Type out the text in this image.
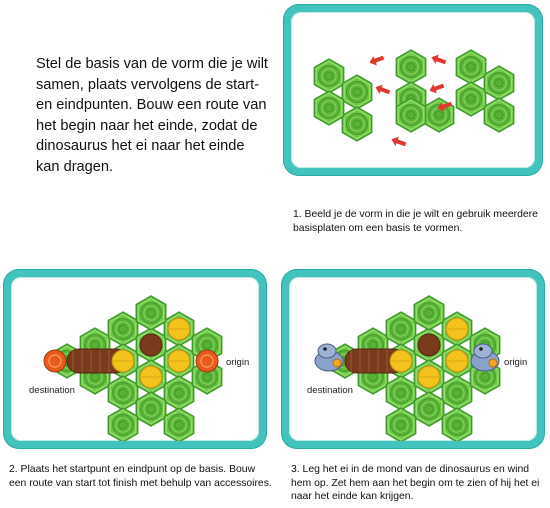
Stel de basis van de vorm die je wilt samen, plaats vervolgens de start- en eindpunten. Bouw een route van het begin naar het einde, zodat de dinosaurus het ei naar het einde kan dragen.

1. Beeld je de vorm in die je wilt en gebruik meerdere basisplaten om een basis te vormen.

origin
destination

2. Plaats het startpunt en eindpunt op de basis. Bouw een route van start tot finish met behulp van accessoires.

origin
destination

3. Leg het ei in de mond van de dinosaurus en wind hem op. Zet hem aan het begin om te zien of hij het ei naar het einde kan krijgen.
